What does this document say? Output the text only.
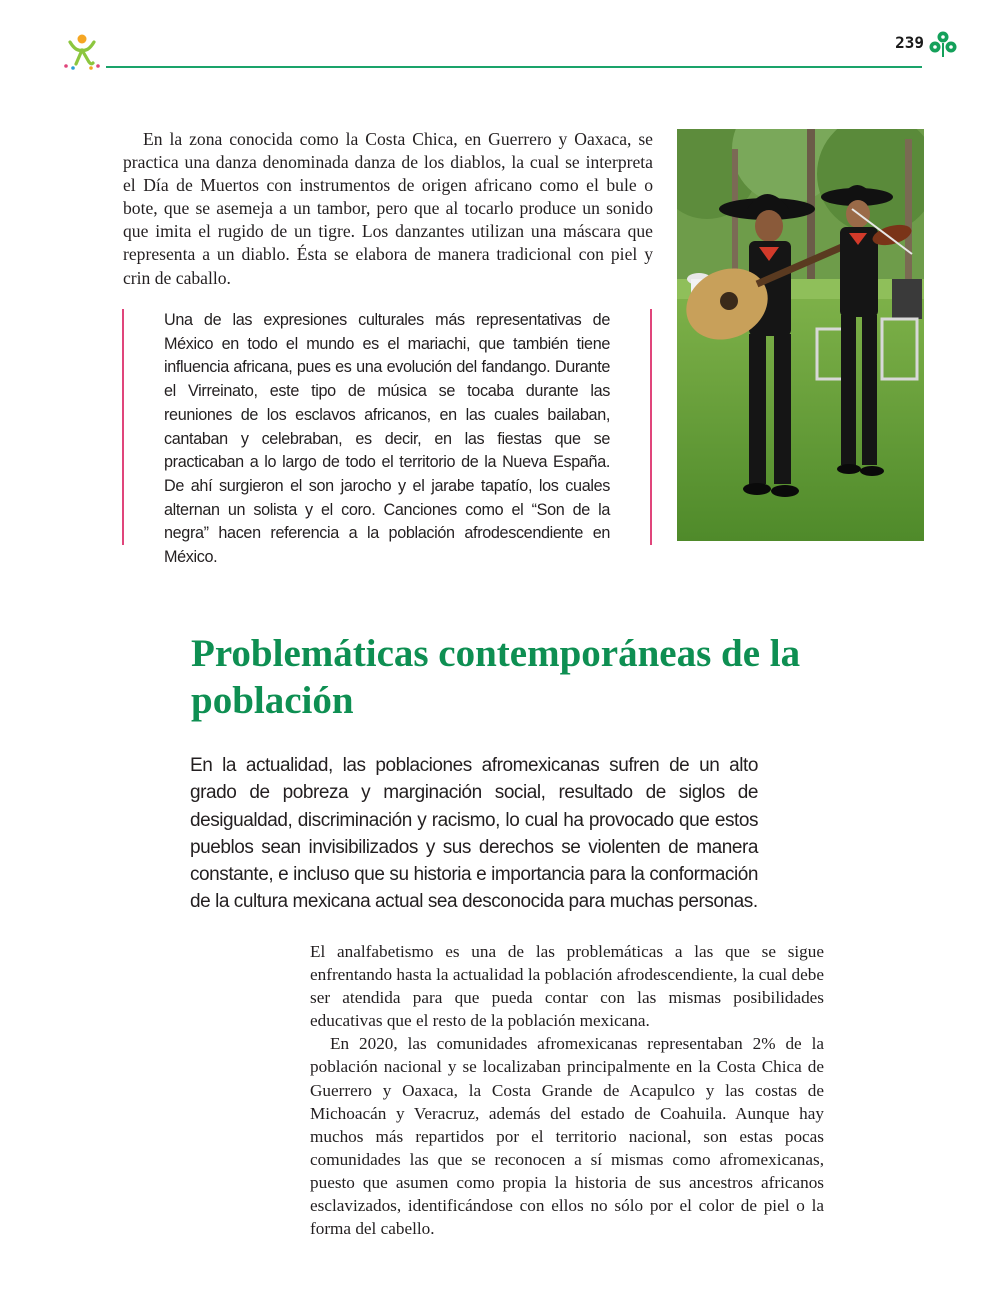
239

En la zona conocida como la Costa Chica, en Guerrero y Oaxaca, se practica una danza denominada danza de los diablos, la cual se interpreta el Día de Muertos con instrumentos de origen africano como el bule o bote, que se asemeja a un tambor, pero que al tocarlo produce un sonido que imita el rugido de un tigre. Los danzantes utilizan una máscara que representa a un diablo. Ésta se elabora de manera tradicional con piel y crin de caballo.

Una de las expresiones culturales más representativas de México en todo el mundo es el mariachi, que también tiene influencia africana, pues es una evolución del fandango. Durante el Virreinato, este tipo de música se tocaba durante las reuniones de los esclavos africanos, en las cuales bailaban, cantaban y celebraban, es decir, en las fiestas que se practicaban a lo largo de todo el territorio de la Nueva España. De ahí surgieron el son jarocho y el jarabe tapatío, los cuales alternan un solista y el coro. Canciones como el “Son de la negra” hacen referencia a la población afrodescendiente en México.

Problemáticas contemporáneas de la población

En la actualidad, las poblaciones afromexicanas sufren de un alto grado de pobreza y marginación social, resultado de siglos de desigualdad, discriminación y racismo, lo cual ha provocado que estos pueblos sean invisibilizados y sus derechos se violenten de manera constante, e incluso que su historia e importancia para la conformación de la cultura mexicana actual sea desconocida para muchas personas.

El analfabetismo es una de las problemáticas a las que se sigue enfrentando hasta la actualidad la población afrodescendiente, la cual debe ser atendida para que pueda contar con las mismas posibilidades educativas que el resto de la población mexicana.

En 2020, las comunidades afromexicanas representaban 2% de la población nacional y se localizaban principalmente en la Costa Chica de Guerrero y Oaxaca, la Costa Grande de Acapulco y las costas de Michoacán y Veracruz, además del estado de Coahuila. Aunque hay muchos más repartidos por el territorio nacional, son estas pocas comunidades las que se reconocen a sí mismas como afromexicanas, puesto que asumen como propia la historia de sus ancestros africanos esclavizados, identificándose con ellos no sólo por el color de piel o la forma del cabello.
